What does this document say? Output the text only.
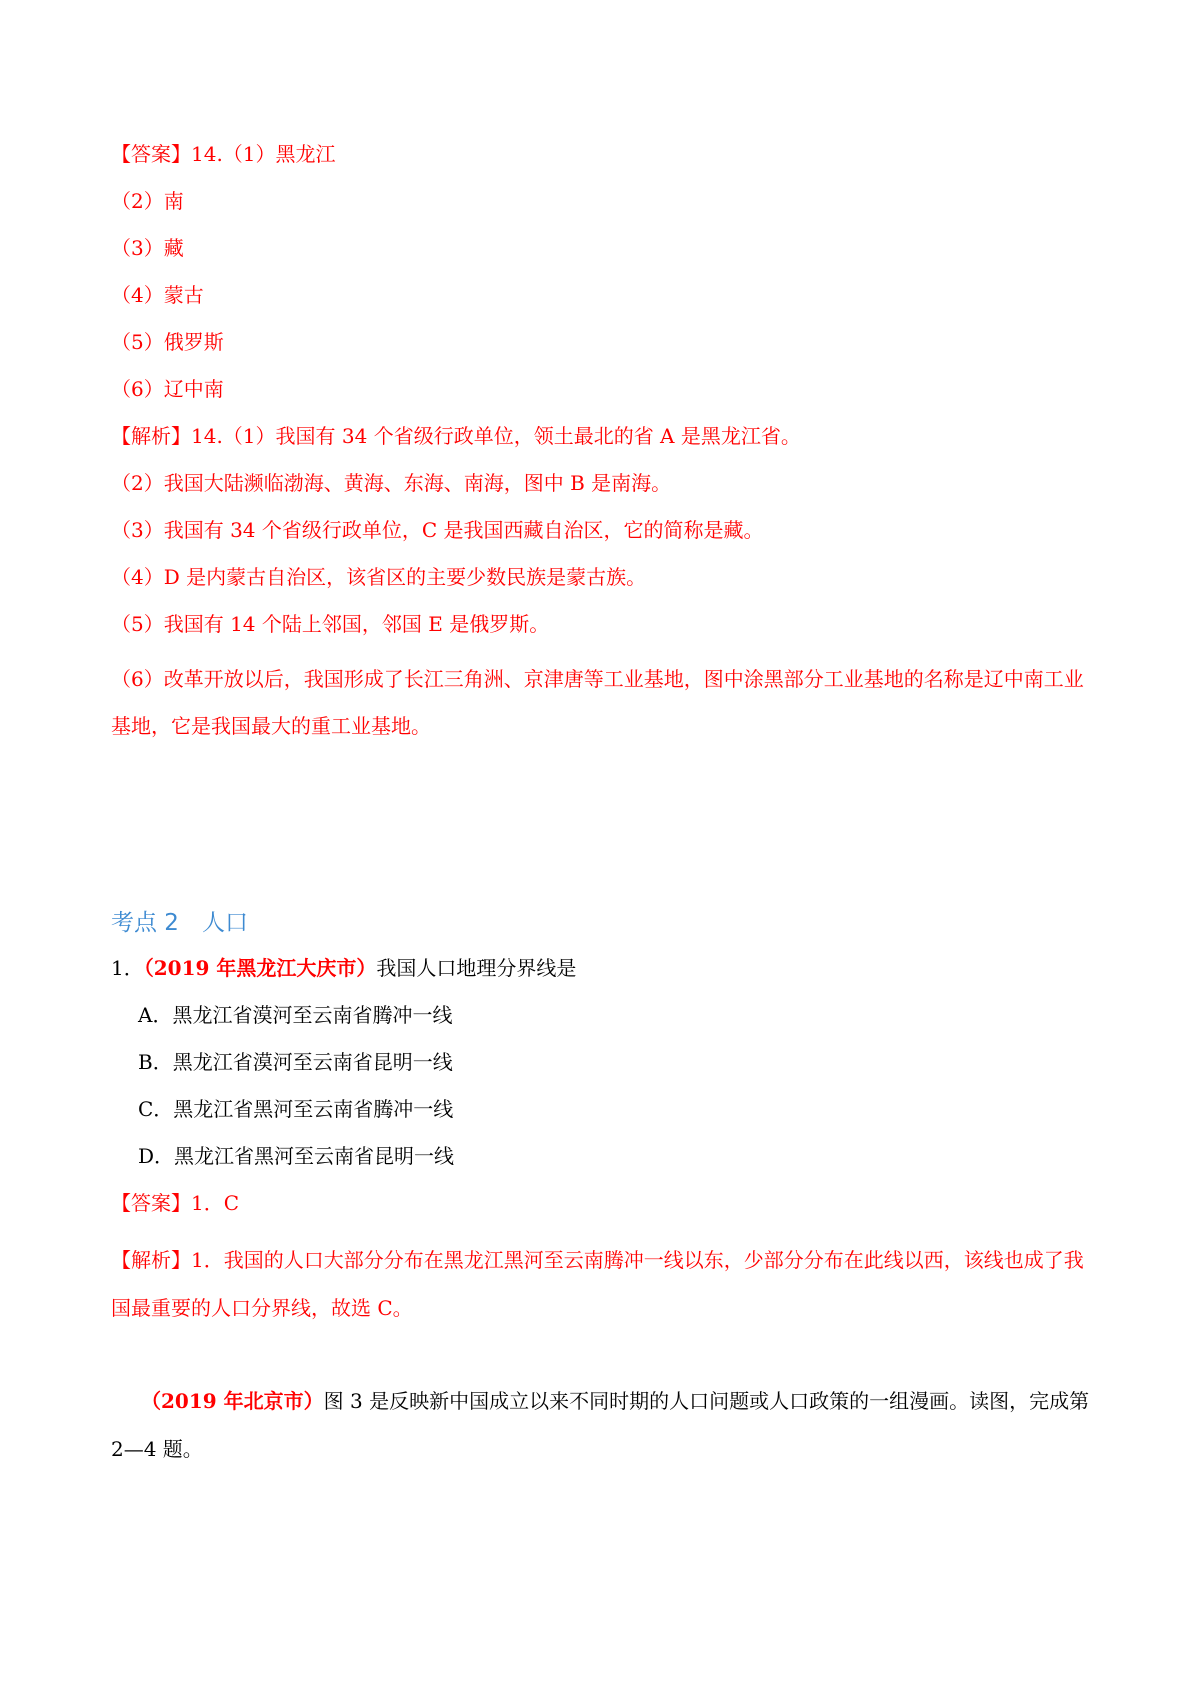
【答案】14.（1）黑龙江
（2）南
（3）藏
（4）蒙古
（5）俄罗斯
（6）辽中南
【解析】14.（1）我国有 34 个省级行政单位，领土最北的省 A 是黑龙江省。
（2）我国大陆濒临渤海、黄海、东海、南海，图中 B 是南海。
（3）我国有 34 个省级行政单位，C 是我国西藏自治区，它的简称是藏。
（4）D 是内蒙古自治区，该省区的主要少数民族是蒙古族。
（5）我国有 14 个陆上邻国，邻国 E 是俄罗斯。
（6）改革开放以后，我国形成了长江三角洲、京津唐等工业基地，图中涂黑部分工业基地的名称是辽中南工业基地，它是我国最大的重工业基地。
考点 2　人口
1．（2019 年黑龙江大庆市）我国人口地理分界线是
A．黑龙江省漠河至云南省腾冲一线
B．黑龙江省漠河至云南省昆明一线
C．黑龙江省黑河至云南省腾冲一线
D．黑龙江省黑河至云南省昆明一线
【答案】1．C
【解析】1．我国的人口大部分分布在黑龙江黑河至云南腾冲一线以东，少部分分布在此线以西，该线也成了我国最重要的人口分界线，故选 C。
（2019 年北京市）图 3 是反映新中国成立以来不同时期的人口问题或人口政策的一组漫画。读图，完成第 2—4 题。
